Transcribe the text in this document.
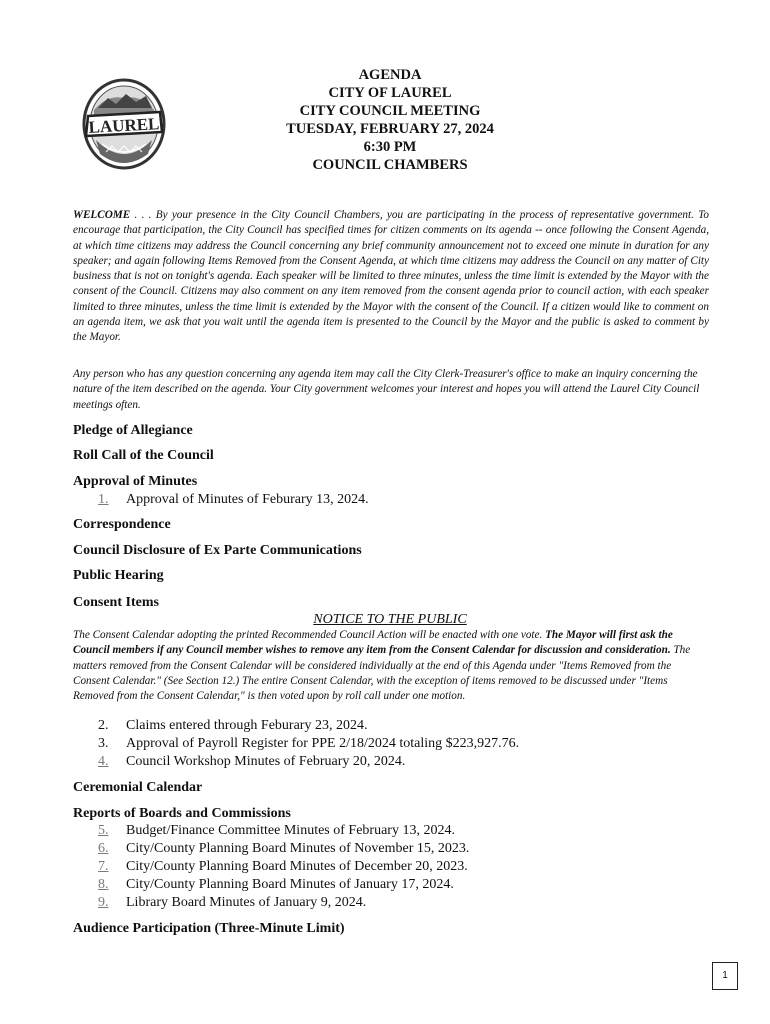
LAUREL
AGENDA
CITY OF LAUREL
CITY COUNCIL MEETING
TUESDAY, FEBRUARY 27, 2024
6:30 PM
COUNCIL CHAMBERS

WELCOME . . . By your presence in the City Council Chambers, you are participating in the process of representative government. To encourage that participation, the City Council has specified times for citizen comments on its agenda -- once following the Consent Agenda, at which time citizens may address the Council concerning any brief community announcement not to exceed one minute in duration for any speaker; and again following Items Removed from the Consent Agenda, at which time citizens may address the Council on any matter of City business that is not on tonight's agenda. Each speaker will be limited to three minutes, unless the time limit is extended by the Mayor with the consent of the Council. Citizens may also comment on any item removed from the consent agenda prior to council action, with each speaker limited to three minutes, unless the time limit is extended by the Mayor with the consent of the Council. If a citizen would like to comment on an agenda item, we ask that you wait until the agenda item is presented to the Council by the Mayor and the public is asked to comment by the Mayor.

Any person who has any question concerning any agenda item may call the City Clerk-Treasurer's office to make an inquiry concerning the nature of the item described on the agenda. Your City government welcomes your interest and hopes you will attend the Laurel City Council meetings often.

Pledge of Allegiance
Roll Call of the Council
Approval of Minutes
1. Approval of Minutes of Feburary 13, 2024.
Correspondence
Council Disclosure of Ex Parte Communications
Public Hearing
Consent Items
NOTICE TO THE PUBLIC

The Consent Calendar adopting the printed Recommended Council Action will be enacted with one vote. The Mayor will first ask the Council members if any Council member wishes to remove any item from the Consent Calendar for discussion and consideration. The matters removed from the Consent Calendar will be considered individually at the end of this Agenda under "Items Removed from the Consent Calendar." (See Section 12.) The entire Consent Calendar, with the exception of items removed to be discussed under "Items Removed from the Consent Calendar," is then voted upon by roll call under one motion.

2. Claims entered through Feburary 23, 2024.
3. Approval of Payroll Register for PPE 2/18/2024 totaling $223,927.76.
4. Council Workshop Minutes of February 20, 2024.
Ceremonial Calendar
Reports of Boards and Commissions
5. Budget/Finance Committee Minutes of February 13, 2024.
6. City/County Planning Board Minutes of November 15, 2023.
7. City/County Planning Board Minutes of December 20, 2023.
8. City/County Planning Board Minutes of January 17, 2024.
9. Library Board Minutes of January 9, 2024.
Audience Participation (Three-Minute Limit)
1
